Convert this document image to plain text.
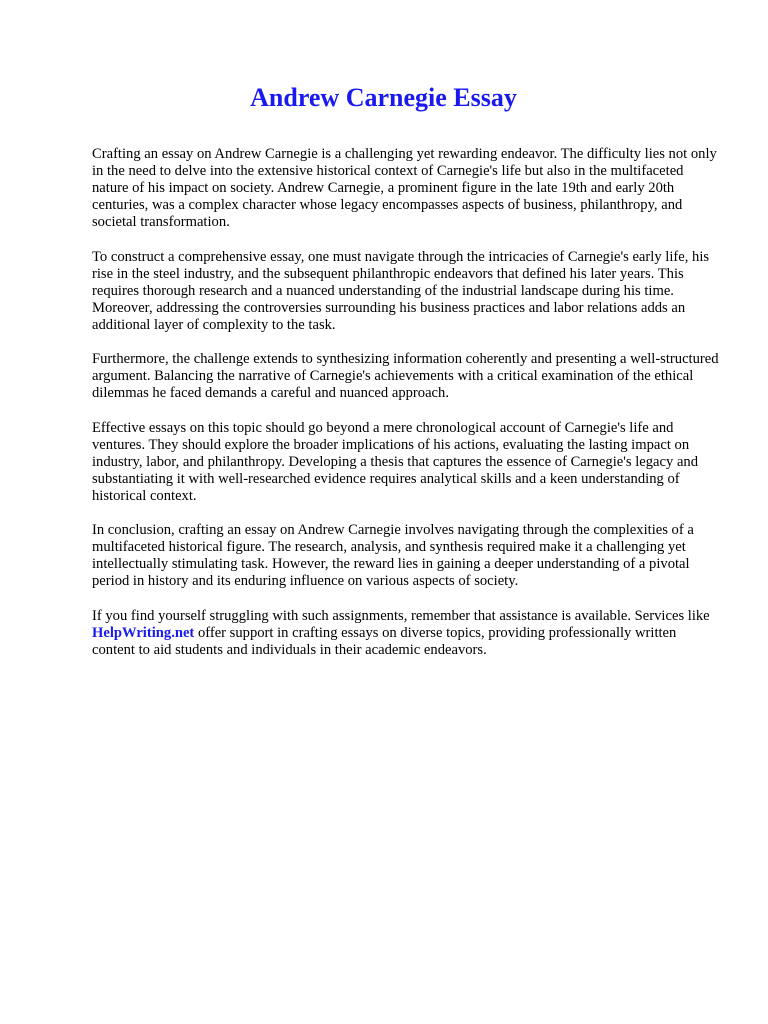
Andrew Carnegie Essay

Crafting an essay on Andrew Carnegie is a challenging yet rewarding endeavor. The difficulty lies not only in the need to delve into the extensive historical context of Carnegie's life but also in the multifaceted nature of his impact on society. Andrew Carnegie, a prominent figure in the late 19th and early 20th centuries, was a complex character whose legacy encompasses aspects of business, philanthropy, and societal transformation.

To construct a comprehensive essay, one must navigate through the intricacies of Carnegie's early life, his rise in the steel industry, and the subsequent philanthropic endeavors that defined his later years. This requires thorough research and a nuanced understanding of the industrial landscape during his time. Moreover, addressing the controversies surrounding his business practices and labor relations adds an additional layer of complexity to the task.

Furthermore, the challenge extends to synthesizing information coherently and presenting a well-structured argument. Balancing the narrative of Carnegie's achievements with a critical examination of the ethical dilemmas he faced demands a careful and nuanced approach.

Effective essays on this topic should go beyond a mere chronological account of Carnegie's life and ventures. They should explore the broader implications of his actions, evaluating the lasting impact on industry, labor, and philanthropy. Developing a thesis that captures the essence of Carnegie's legacy and substantiating it with well-researched evidence requires analytical skills and a keen understanding of historical context.

In conclusion, crafting an essay on Andrew Carnegie involves navigating through the complexities of a multifaceted historical figure. The research, analysis, and synthesis required make it a challenging yet intellectually stimulating task. However, the reward lies in gaining a deeper understanding of a pivotal period in history and its enduring influence on various aspects of society.

If you find yourself struggling with such assignments, remember that assistance is available. Services like HelpWriting.net offer support in crafting essays on diverse topics, providing professionally written content to aid students and individuals in their academic endeavors.
